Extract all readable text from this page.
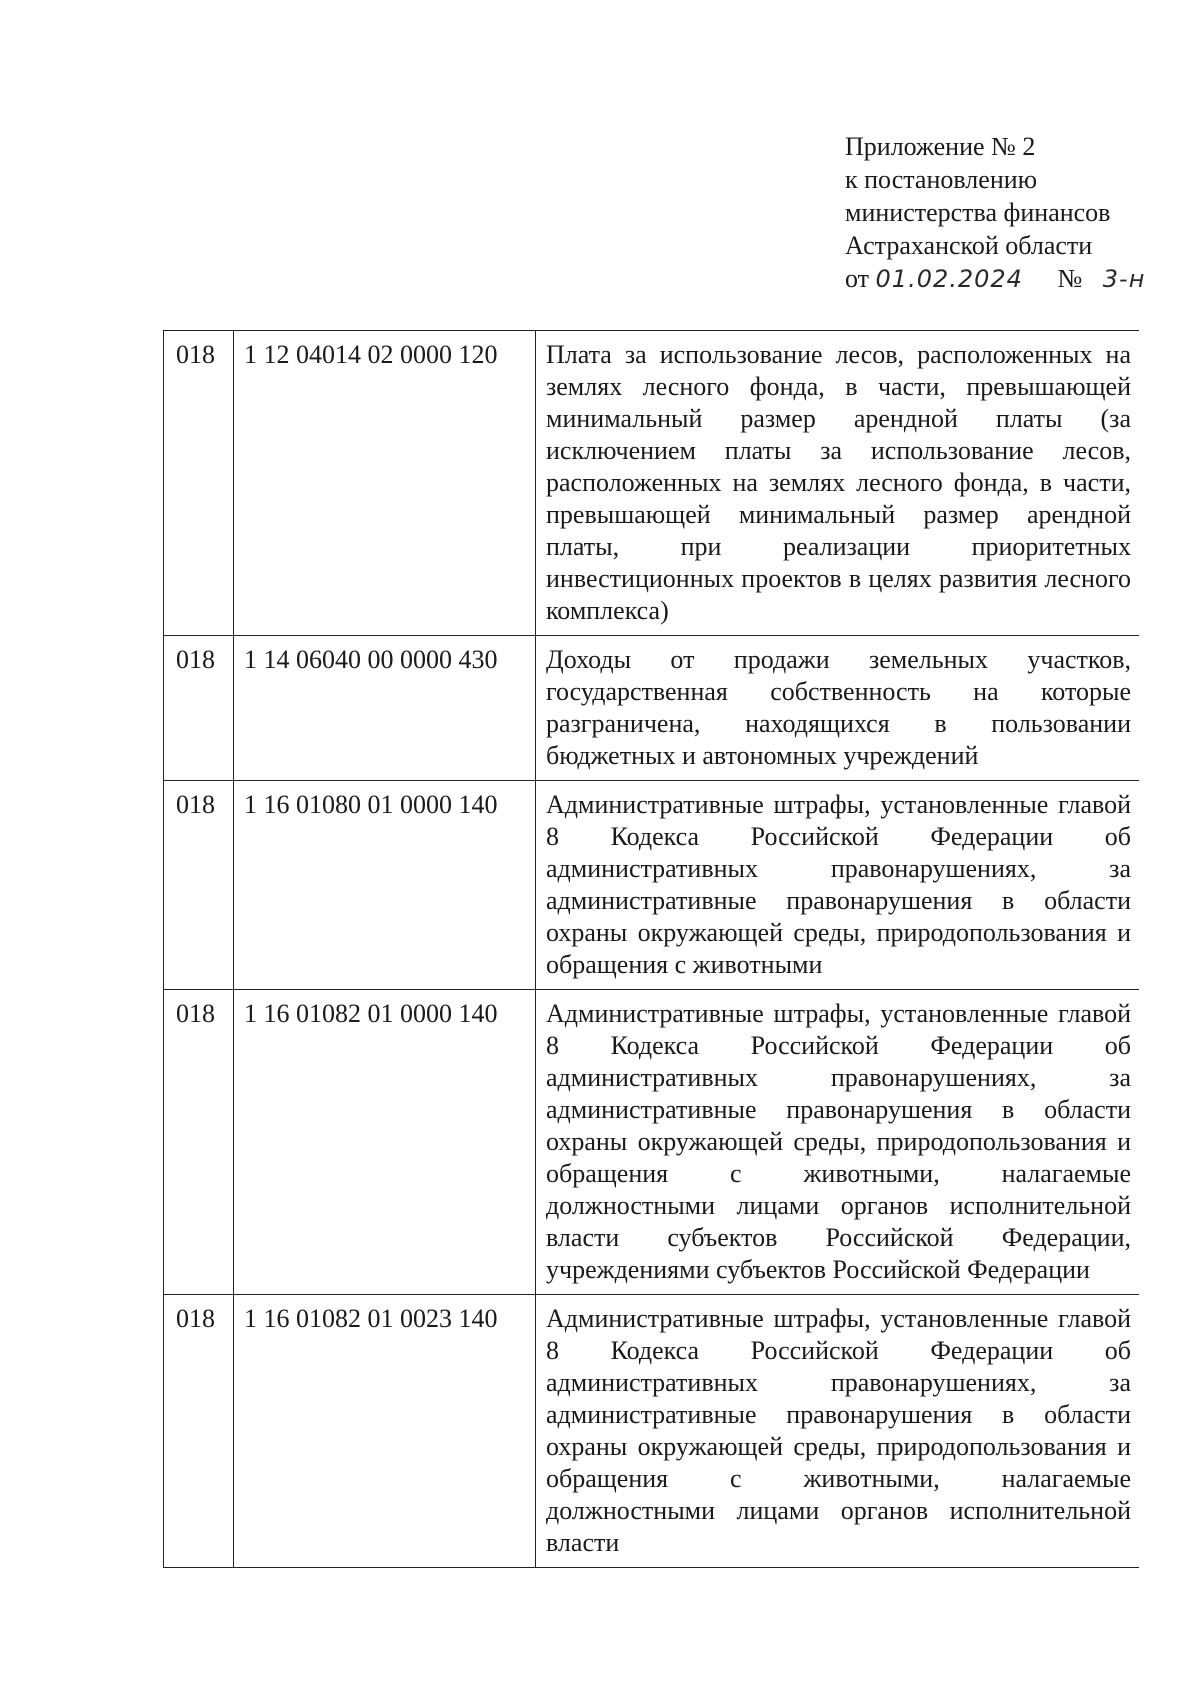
Приложение № 2
к постановлению
министерства финансов
Астраханской области
от 01.02.2024 № 3-н
018	1 12 04014 02 0000 120	Плата за использование лесов, расположенных на землях лесного фонда, в части, превышающей минимальный размер арендной платы (за исключением платы за использование лесов, расположенных на землях лесного фонда, в части, превышающей минимальный размер арендной платы, при реализации приоритетных инвестиционных проектов в целях развития лесного комплекса)
018	1 14 06040 00 0000 430	Доходы от продажи земельных участков, государственная собственность на которые разграничена, находящихся в пользовании бюджетных и автономных учреждений
018	1 16 01080 01 0000 140	Административные штрафы, установленные главой 8 Кодекса Российской Федерации об административных правонарушениях, за административные правонарушения в области охраны окружающей среды, природопользования и обращения с животными
018	1 16 01082 01 0000 140	Административные штрафы, установленные главой 8 Кодекса Российской Федерации об административных правонарушениях, за административные правонарушения в области охраны окружающей среды, природопользования и обращения с животными, налагаемые должностными лицами органов исполнительной власти субъектов Российской Федерации, учреждениями субъектов Российской Федерации
018	1 16 01082 01 0023 140	Административные штрафы, установленные главой 8 Кодекса Российской Федерации об административных правонарушениях, за административные правонарушения в области охраны окружающей среды, природопользования и обращения с животными, налагаемые должностными лицами органов исполнительной власти
